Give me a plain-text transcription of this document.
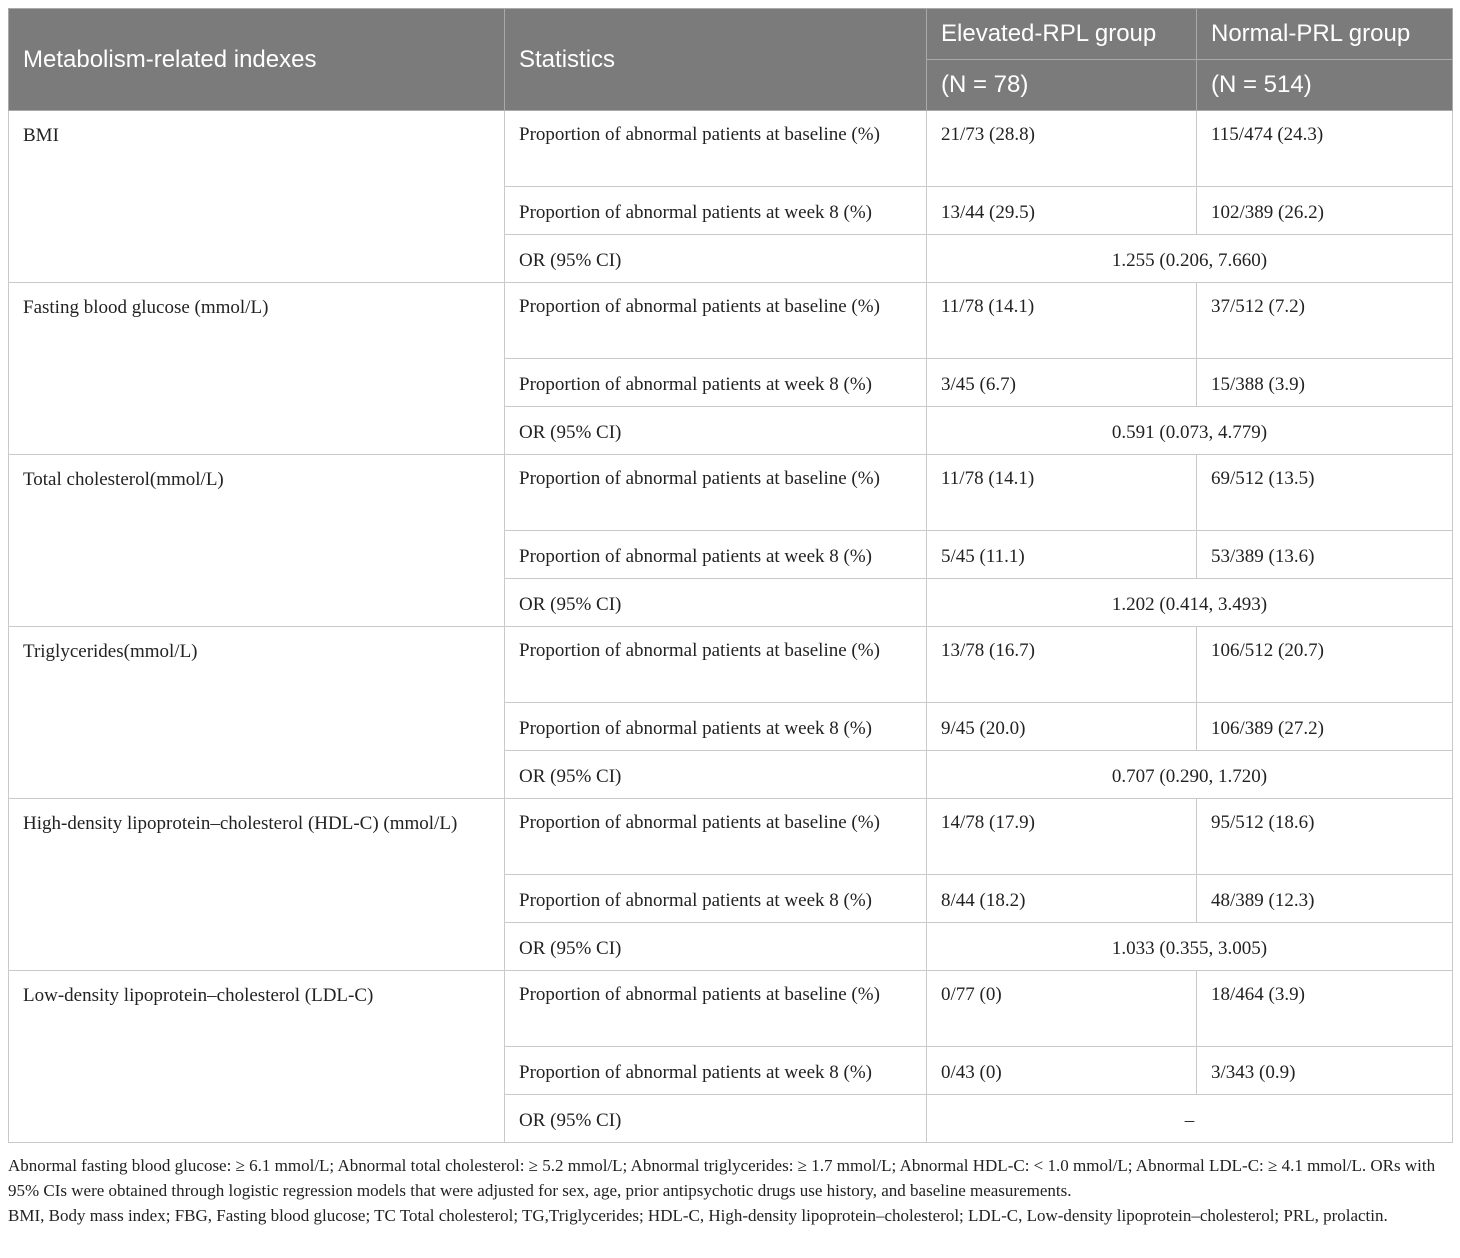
Metabolism-related indexes	Statistics	Elevated-RPL group	Normal-PRL group
		(N = 78)	(N = 514)
BMI	Proportion of abnormal patients at baseline (%)	21/73 (28.8)	115/474 (24.3)
	Proportion of abnormal patients at week 8 (%)	13/44 (29.5)	102/389 (26.2)
	OR (95% CI)	1.255 (0.206, 7.660)	
Fasting blood glucose (mmol/L)	Proportion of abnormal patients at baseline (%)	11/78 (14.1)	37/512 (7.2)
	Proportion of abnormal patients at week 8 (%)	3/45 (6.7)	15/388 (3.9)
	OR (95% CI)	0.591 (0.073, 4.779)	
Total cholesterol(mmol/L)	Proportion of abnormal patients at baseline (%)	11/78 (14.1)	69/512 (13.5)
	Proportion of abnormal patients at week 8 (%)	5/45 (11.1)	53/389 (13.6)
	OR (95% CI)	1.202 (0.414, 3.493)	
Triglycerides(mmol/L)	Proportion of abnormal patients at baseline (%)	13/78 (16.7)	106/512 (20.7)
	Proportion of abnormal patients at week 8 (%)	9/45 (20.0)	106/389 (27.2)
	OR (95% CI)	0.707 (0.290, 1.720)	
High-density lipoprotein–cholesterol (HDL-C) (mmol/L)	Proportion of abnormal patients at baseline (%)	14/78 (17.9)	95/512 (18.6)
	Proportion of abnormal patients at week 8 (%)	8/44 (18.2)	48/389 (12.3)
	OR (95% CI)	1.033 (0.355, 3.005)	
Low-density lipoprotein–cholesterol (LDL-C)	Proportion of abnormal patients at baseline (%)	0/77 (0)	18/464 (3.9)
	Proportion of abnormal patients at week 8 (%)	0/43 (0)	3/343 (0.9)
	OR (95% CI)	–	

Abnormal fasting blood glucose: ≥ 6.1 mmol/L; Abnormal total cholesterol: ≥ 5.2 mmol/L; Abnormal triglycerides: ≥ 1.7 mmol/L; Abnormal HDL-C: < 1.0 mmol/L; Abnormal LDL-C: ≥ 4.1 mmol/L. ORs with 95% CIs were obtained through logistic regression models that were adjusted for sex, age, prior antipsychotic drugs use history, and baseline measurements.

BMI, Body mass index; FBG, Fasting blood glucose; TC Total cholesterol; TG,Triglycerides; HDL-C, High-density lipoprotein–cholesterol; LDL-C, Low-density lipoprotein–cholesterol; PRL, prolactin.
